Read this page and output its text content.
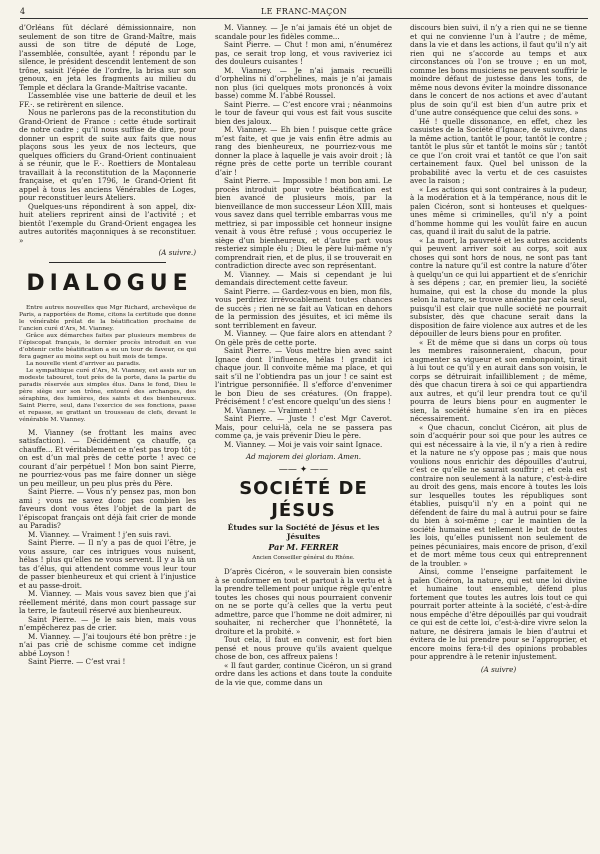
4	LE FRANC-MAÇON

d’Orléans fût déclaré démissionnaire, non seulement de son titre de Grand-Maître, mais aussi de son titre de député de Loge, l’assemblée, consultée, ayant ! répondu par le silence, le président descendit lentement de son trône, saisit l’épée de l’ordre, la brisa sur son genoux, en jeta les fragments au milieu du Temple et déclara la Grande-Maîtrise vacante.

L’assemblée vise une batterie de deuil et les FF.·. se retirèrent en silence.

Nous ne parlerons pas de la reconstitution du Grand-Orient de France : cette étude sortirait de notre cadre ; qu’il nous suffise de dire, pour donner un esprit de suite aux faits que nous plaçons sous les yeux de nos lecteurs, que quelques officiers du Grand-Orient continuaient à se réunir, que le F.·. Roettiers de Montaleau travaillait à la reconstitution de la Maçonnerie française, et qu’en 1796, le Grand-Orient fit appel à tous les anciens Vénérables de Loges, pour reconstituer leurs Ateliers.

Quelques-uns répondirent à son appel, dix-huit ateliers reprirent ainsi de l’activité ; et bientôt l’exemple du Grand-Orient engagea les autres autorités maçonniques à se reconstituer. »

(A suivre.)
DIALOGUE

Entre autres nouvelles que Mgr Richard, archevêque de Paris, a rapportées de Rome, citons la certitude que donne le vénérable prélat de la béatification prochaine de l’ancien curé d’Ars, M. Vianney.

Grâce aux démarches faites par plusieurs membres de l’épiscopat français, le dernier procès introduit en vue d’obtenir cette béatification a eu un tour de faveur, ce qui fera gagner au moins sept ou huit mois de temps.

La nouvelle vient d’arriver au paradis.

Le sympathique curé d’Ars, M. Vianney, est assis sur un modeste tabouret, tout près de la porte, dans la partie du paradis réservée aux simples élus. Dans le fond, Dieu le père siège sur son trône, entouré des archanges, des séraphins, des lumières, des saints et des bienheureux. Saint Pierre, seul, dans l’exercice de ses fonctions, passe et repasse, se grattant un trousseau de clefs, devant le vénérable M. Vianney.

M. Vianney (se frottant les mains avec satisfaction). — Décidément ça chauffe, ça chauffe... Et véritablement ce n’est pas trop tôt ; on est d’un mal près de cette porte ! avec ce courant d’air perpétuel ! Mon bon saint Pierre, ne pourriez-vous pas me faire donner un siège un peu meilleur, un peu plus près du Père.

Saint Pierre. — Vous n’y pensez pas, mon bon ami ; vous ne savez donc pas combien les faveurs dont vous êtes l’objet de la part de l’épiscopat français ont déjà fait crier de monde au Paradis?

M. Vianney. — Vraiment ! j’en suis ravi.

Saint Pierre. — Il n’y a pas de quoi l’être, je vous assure, car ces intrigues vous nuisent, hélas ! plus qu’elles ne vous servent. Il y a là un tas d’élus, qui attendent comme vous leur tour de passer bienheureux et qui crient à l’injustice et au passe-droit.

M. Vianney. — Mais vous savez bien que j’ai réellement mérité, dans mon court passage sur la terre, le fauteuil réservé aux bienheureux.

Saint Pierre. — Je le sais bien, mais vous n’empêcherez pas de crier.

M. Vianney. — J’ai toujours été bon prêtre : je n’ai pas crié de schisme comme cet indigne abbé Loyson !

Saint Pierre. — C’est vrai !

M. Vianney. — Je n’ai jamais été un objet de scandale pour les fidèles comme...

Saint Pierre. — Chut ! mon ami, n’énumérez pas, ce serait trop long, et vous raviveriez ici des douleurs cuisantes !

M. Vianney. — Je n’ai jamais recueilli d’orphelins ni d’orphelines, mais je n’ai jamais non plus (ici quelques mots prononcés à voix basse) comme M. l’abbé Roussel.

Saint Pierre. — C’est encore vrai ; néanmoins le tour de faveur qui vous est fait vous suscite bien des jaloux.

M. Vianney. — Eh bien ! puisque cette grâce m’est faite, et que je vais enfin être admis au rang des bienheureux, ne pourriez-vous me donner la place à laquelle je vais avoir droit ; là régne près de cette porte un terrible courant d’air !

Saint Pierre. — Impossible ! mon bon ami. Le procès introduit pour votre béatification est bien avancé de plusieurs mois, par la bienveillance de mon successeur Léon XIII, mais vous savez dans quel terrible embarras vous me mettriez, si par impossible cet honneur insigne venait à vous être refusé ; vous occuperiez le siège d’un bienheureux, et d’autre part vous resteriez simple élu ; Dieu le père lui-même n’y comprendrait rien, et de plus, il se trouverait en contradiction directe avec son représentant.

M. Vianney. — Mais si cependant je lui demandais directement cette faveur.

Saint Pierre. — Gardez-vous en bien, mon fils, vous perdriez irrévocablement toutes chances de succès ; rien ne se fait au Vatican en dehors de la permission des jésuites, et ici même ils sont terriblement en faveur.

M. Vianney. — Que faire alors en attendant ? On gèle près de cette porte.

Saint Pierre. — Vous mettre bien avec saint Ignace dont l’influence, hélas ! grandit ici chaque jour. Il convoite même ma place, et qui sait s’il ne l’obtiendra pas un jour ! ce saint est l’intrigue personnifiée. Il s’efforce d’envenimer le bon Dieu de ses créatures. (On frappe). Précisément ! c’est encore quelqu’un des siens !

M. Vianney. — Vraiment !

Saint Pierre. — Juste ! c’est Mgr Caverot. Mais, pour celui-là, cela ne se passera pas comme ça, je vais prévenir Dieu le père.

M. Vianney. — Moi je vais voir saint Ignace.

Ad majorem dei gloriam. Amen.
—— ✦ ——
SOCIÉTÉ DE JÉSUS
Études sur la Société de Jésus et les Jésuites
Par M. FERRER
Ancien Conseiller général du Rhône.

D’après Cicéron, « le souverain bien consiste à se conformer en tout et partout à la vertu et à la prendre tellement pour unique règle qu’entre toutes les choses qui nous pourraient convenir on ne se porte qu’à celles que la vertu peut admettre, parce que l’homme ne doit admirer, ni souhaiter, ni rechercher que l’honnêteté, la droiture et la probité. »

Tout cela, il faut en convenir, est fort bien pensé et nous prouve qu’ils avaient quelque chose de bon, ces affreux païens !

« Il faut garder, continue Cicéron, un si grand ordre dans les actions et dans toute la conduite de la vie que, comme dans un

discours bien suivi, il n’y a rien qui ne se tienne et qui ne convienne l’un à l’autre ; de même, dans la vie et dans les actions, il faut qu’il n’y ait rien qui ne s’accorde au temps et aux circonstances où l’on se trouve ; en un mot, comme les bons musiciens ne peuvent souffrir le moindre défaut de justesse dans les tons, de même nous devons éviter la moindre dissonance dans le concert de nos actions et avec d’autant plus de soin qu’il est bien d’un autre prix et d’une autre conséquence que celui des sons. »

Hé ! quelle dissonance, en effet, chez les casuistes de la Société d’Ignace, de suivre, dans la même action, tantôt le pour, tantôt le contre ; tantôt le plus sûr et tantôt le moins sûr ; tantôt ce que l’on croit vrai et tantôt ce que l’on sait certainement faux. Quel bel unisson de la probabilité avec la vertu et de ces casuistes avec la raison ;

« Les actions qui sont contraires à la pudeur, à la modération et à la tempérance, nous dit le païen Cicéron, sont si honteuses et quelques-unes même si criminelles, qu’il n’y a point d’homme homme qui les voulût faire en aucun cas, quand il irait du salut de la patrie.

« La mort, la pauvreté et les autres accidents qui peuvent arriver soit au corps, soit aux choses qui sont hors de nous, ne sont pas tant contre la nature qu’il est contre la nature d’ôter à quelqu’un ce qui lui appartient et de s’enrichir à ses dépens ; car, en premier lieu, la société humaine, qui est la chose du monde la plus selon la nature, se trouve anéantie par cela seul, puisqu’il est clair que nulle société ne pourrait subsister, dès que chacune serait dans la disposition de faire violence aux autres et de les dépouiller de leurs biens pour en profiter.

« Et de même que si dans un corps où tous les membres raisonneraient, chacun, pour augmenter sa vigueur et son embonpoint, tirait à lui tout ce qu’il y en aurait dans son voisin, le corps se détruirait infailliblement ; de même, dès que chacun tirera à soi ce qui appartiendra aux autres, et qu’il leur prendra tout ce qu’il pourra de leurs biens pour en augmenter le sien, la société humaine s’en ira en pièces nécessairement.

« Que chacun, conclut Cicéron, ait plus de soin d’acquérir pour soi que pour les autres ce qui est nécessaire à la vie, il n’y a rien à redire et la nature ne s’y oppose pas ; mais que nous voulions nous enrichir des dépouilles d’autrui, c’est ce qu’elle ne saurait souffrir ; et cela est contraire non seulement à la nature, c’est-à-dire au droit des gens, mais encore à toutes les lois sur lesquelles toutes les républiques sont établies, puisqu’il n’y en a point qui ne défendent de faire du mal à autrui pour se faire du bien à soi-même ; car le maintien de la société humaine est tellement le but de toutes les lois, qu’elles punissent non seulement de peines pécuniaires, mais encore de prison, d’exil et de mort même tous ceux qui entreprennent de la troubler. »

Ainsi, comme l’enseigne parfaitement le païen Cicéron, la nature, qui est une loi divine et humaine tout ensemble, défend plus fortement que toutes les autres lois tout ce qui pourrait porter atteinte à la société, c’est-à-dire nous empêche d’être dépouillés par qui voudrait ce qui est de cette loi, c’est-à-dire vivre selon la nature, ne désirera jamais le bien d’autrui et évitera de le lui prendre pour se l’approprier, et encore moins fera-t-il des opinions probables pour apprendre à le retenir injustement.

(A suivre)
